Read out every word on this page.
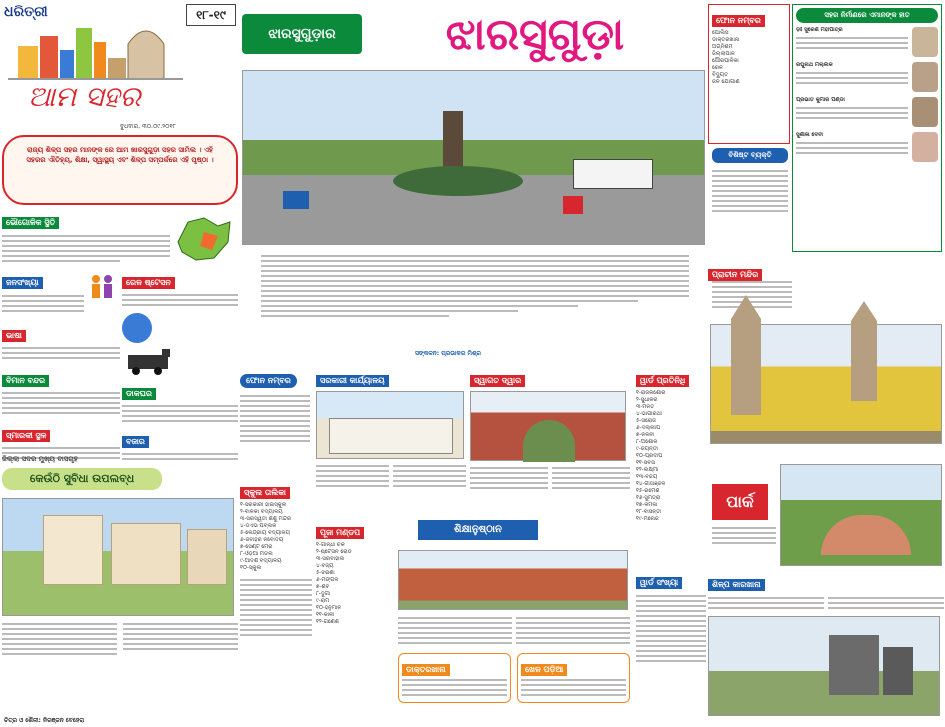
ଧରିତ୍ରୀ	୧୮-୧୯
ଆମ ସହର
ବୁଧବାର, ୩୦.୦୯.୨୦୧୮
ରାଜ୍ୟ ଶିଳ୍ପ ସହର ମାନଙ୍କ ରେ ଆମ ଖାରସୁଗୁଡ଼ା ସହର ସାମିଲ । ଏହି ସହରର ଐତିହ୍ୟ, ଶିକ୍ଷା, ସ୍ୱାସ୍ଥ୍ୟ ଏବଂ ଶିଳ୍ପ ସମ୍ପର୍କରେ ଏହି ପୃଷ୍ଠା ।
ଭୌଗୋଳିକ ସ୍ଥିତି
ଜନସଂଖ୍ୟା
ଭାଷା
ବିମାନ ବନ୍ଦର
ସ୍ମାରକୀ ସ୍ଥଳ
ରେଳ ଷ୍ଟେସନ
ଡାକଘର
ବଜାର
ଜିଲ୍ଲା ସଦର ମୁଖ୍ୟ ବାସଗୃହ
କେଉଁଠି ସୁବିଧା ଉପଲବ୍ଧ
ଚିତ୍ର ଓ ଶୈଳୀ: ନିରଞ୍ଜନ ବେହେରା
ଝାରସୁଗୁଡ଼ାର	ଝାରସୁଗୁଡ଼ା
ସଙ୍କଳନ: ପ୍ରଭାକର ମିଶ୍ର
ଫୋନ ନମ୍ବର
ସ୍କୁଲ ତାଲିକା
୧-ସରକାରୀ ହାଇସ୍କୁଲ
୨-ବାଳିକା ବିଦ୍ୟାଳୟ
୩-ସରସ୍ୱତୀ ଶିଶୁ ମନ୍ଦିର
୪-ଡିଏଭି ପବ୍ଲିକ
୫-କେନ୍ଦ୍ରୀୟ ବିଦ୍ୟାଳୟ
୬-ଜବାହର ନବୋଦୟ
୭-ସେଣ୍ଟ ମେରି
୮-ଓଡ଼ିଆ ମିଡିଲ
୯-ଆଦର୍ଶ ବିଦ୍ୟାଳୟ
୧୦-ସ୍କୁଲ
ସରକାରୀ କାର୍ଯ୍ୟାଳୟ
ପୂଜା ମଣ୍ଡପ
୧-ଗାନ୍ଧୀ ଚକ
୨-ଷ୍ଟେସନ ରୋଡ
୩-ସରବାହାଲ
୪-ବିଜ୍ୟ
୫-ଝରଣା
୬-ମଙ୍ଗଳ
୭-ଶିବ
୮-ଦୁର୍ଗା
୯-ରାମ
୧୦-ହନୁମାନ
୧୧-କାଳୀ
୧୨-ଗଣେଶ
ସ୍ୱାଗତ ଦ୍ୱାର
ଶିକ୍ଷାନୁଷ୍ଠାନ
ଡାକ୍ତରଖାନା	ଖେଳ ପଡ଼ିଆ
ଫୋନ ନମ୍ବର
ପୋଲିସ
ଡାକ୍ତରଖାନା
ଅଗ୍ନିଶମ
ଜିଲ୍ଲାପାଳ
ପୌରପାଳିକା
ରେଳ
ବିଦ୍ୟୁତ
ଜଳ ଯୋଗାଣ
ସହର ନିର୍ମାଣରେ ଏମାନଙ୍କ ହାତ
ଡ଼ଃ ସୁରେଶ ମହାପାତ୍ର
ରଘୁନାଥ ମଲ୍ଲିକ
ପ୍ରଭାତ କୁମାର ପଣ୍ଡା
ସୁଶୀଳା ଦେବୀ
ବିଶିଷ୍ଟ ବ୍ୟକ୍ତି
ପ୍ରାଚୀନ ମନ୍ଦିର
ୱାର୍ଡ ପ୍ରତିନିଧି
୧-ରାଜକିଶୋର
୨-ସୁଧାକର
୩-ମିନତି
୪-ଭାଗୀରଥୀ
୫-ସରୋଜ
୬-ଦିଲ୍ଲୀପ
୭-ନଳିନୀ
୮-ଅଶୋକ
୯-ଜୟନ୍ତୀ
୧୦-ପ୍ରଦୀପ
୧୧-ସବିତା
୧୨-ଲକ୍ଷ୍ମୀ
୧୩-ବିଜୟ
୧୪-ଗୀତାଞ୍ଜଳି
୧୫-ରମେଶ
୧୬-ସୁମିତ୍ରା
୧୭-କମଳା
୧୮-ବାସନ୍ତୀ
୧୯-ମନୋଜ
ୱାର୍ଡ ସଂଖ୍ୟା
ପାର୍କ
ଶିଳ୍ପ କାରଖାନା
